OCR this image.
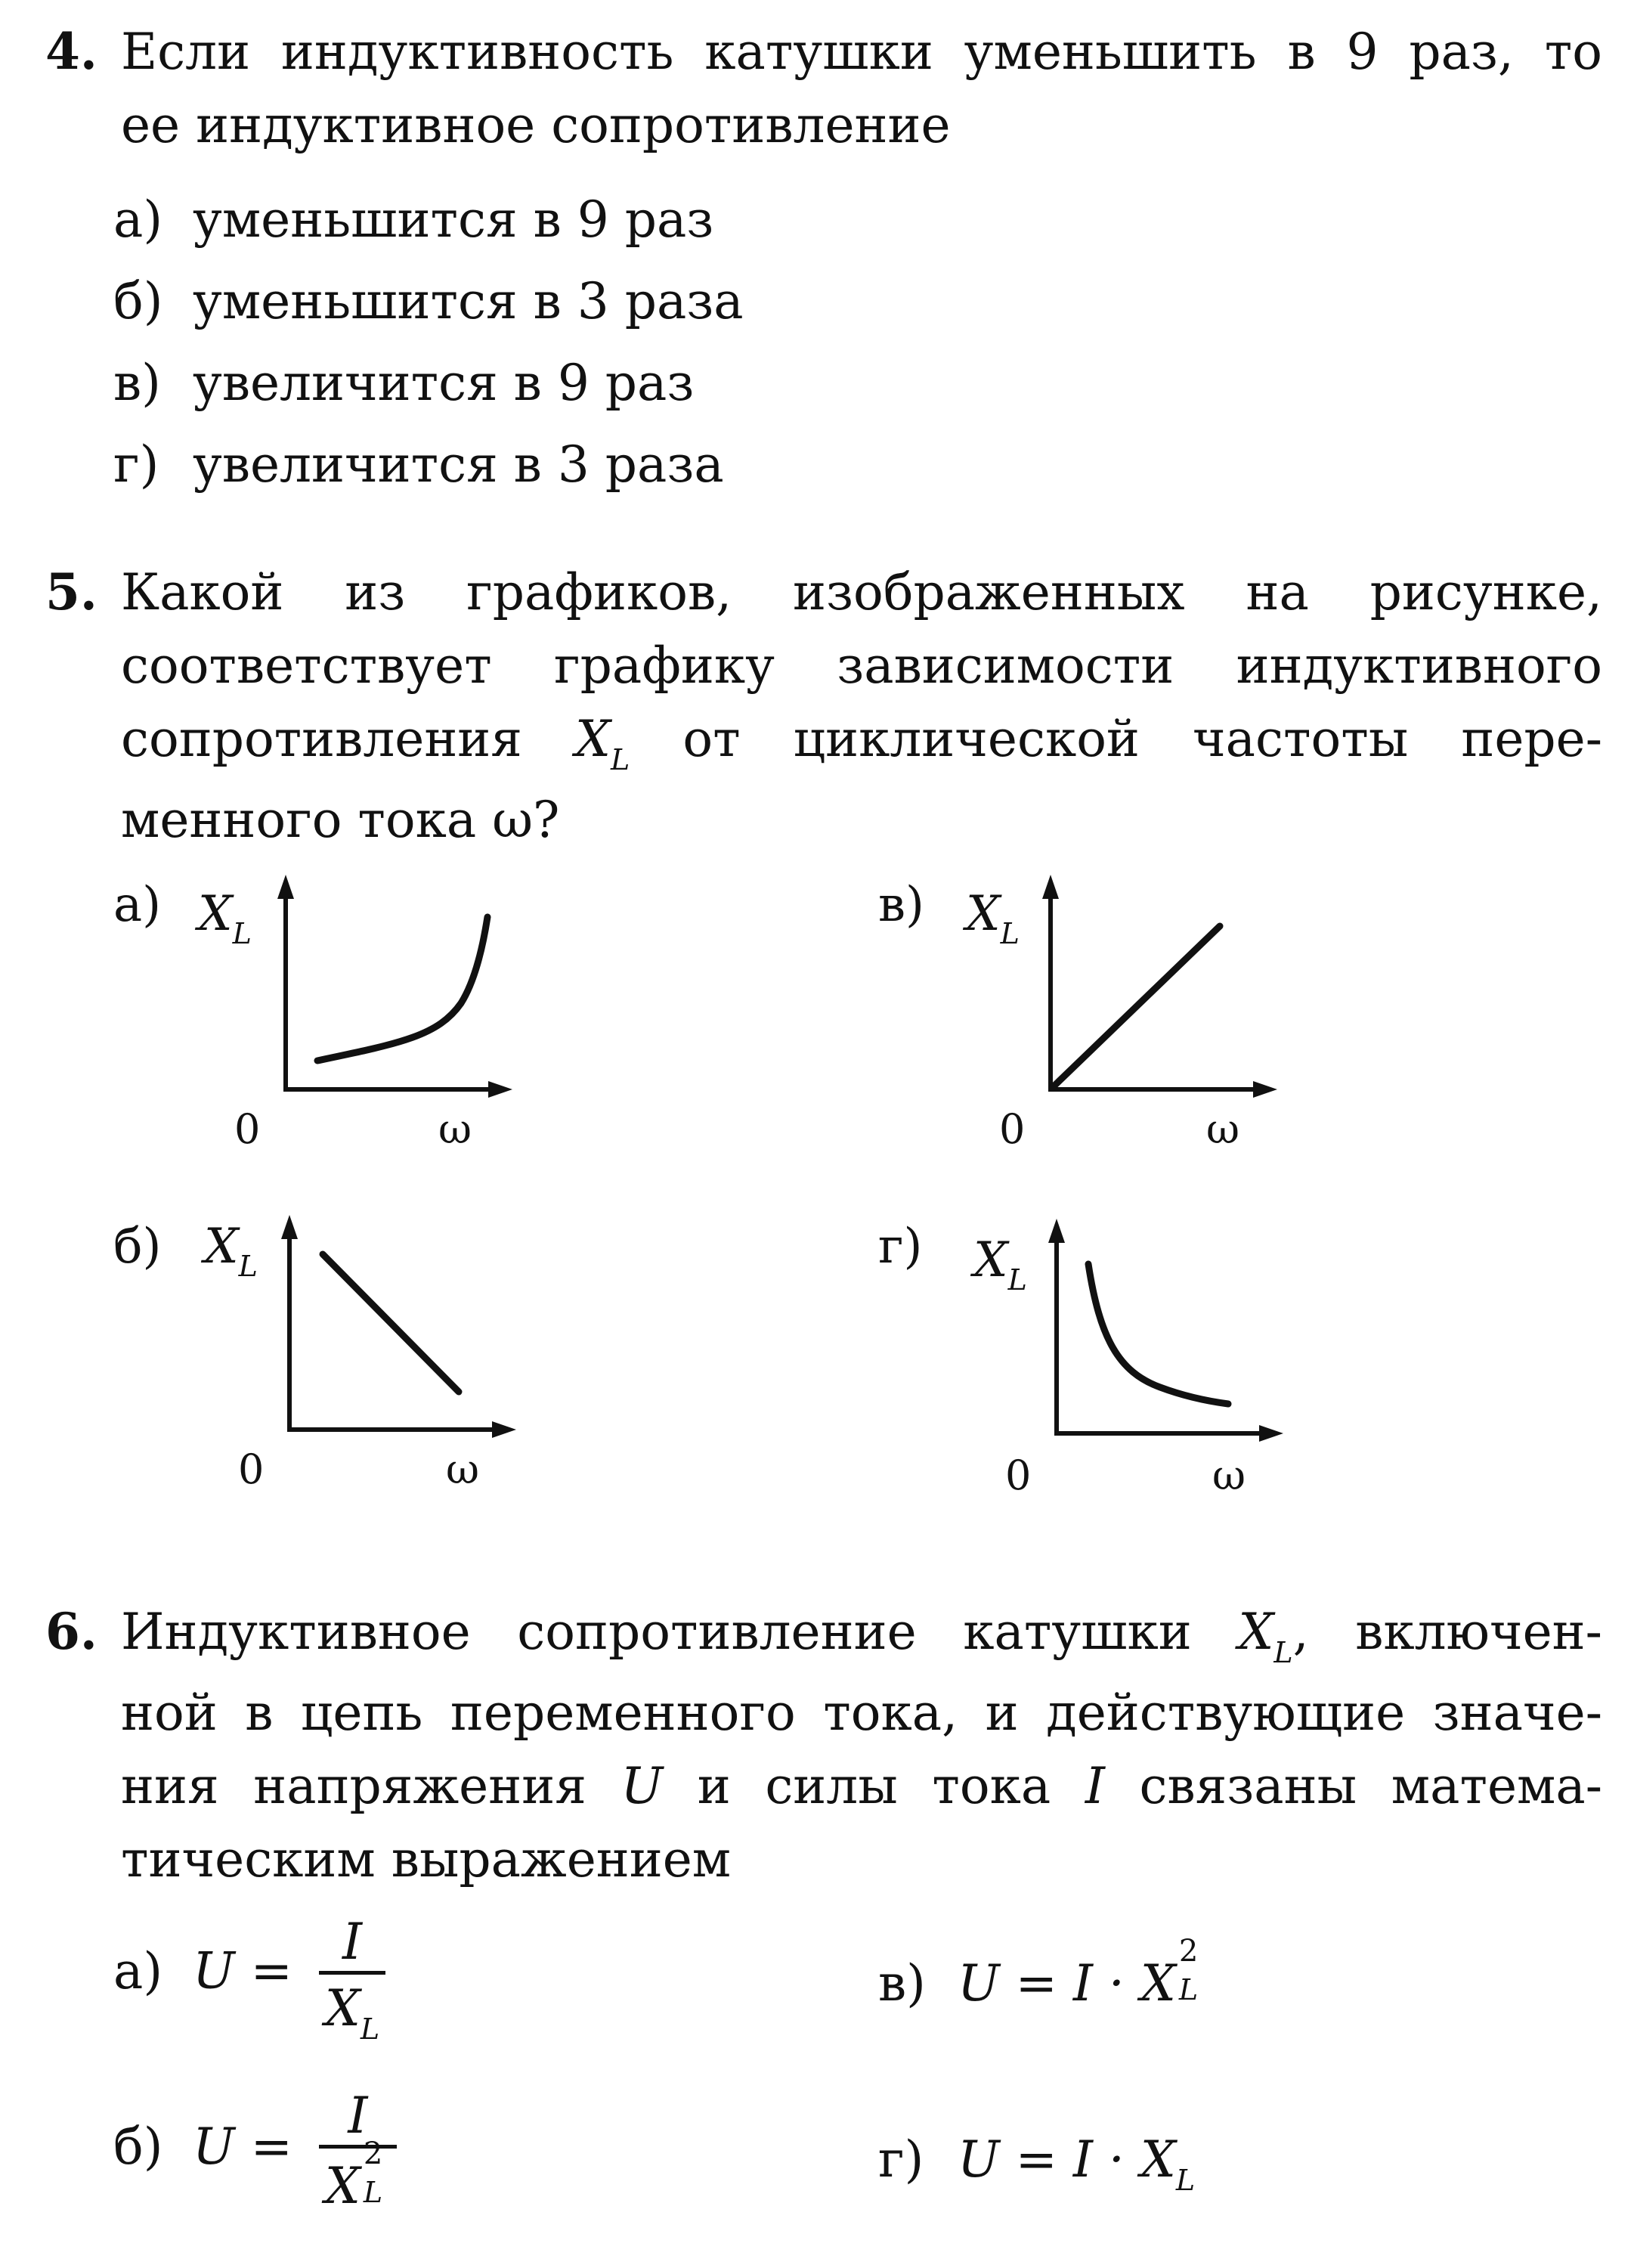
4. Если индуктивность катушки уменьшить в 9 раз, то
ее индуктивное сопротивление
а) уменьшится в 9 раз
б) уменьшится в 3 раза
в) увеличится в 9 раз
г) увеличится в 3 раза
5. Какой из графиков, изображенных на рисунке,
соответствует графику зависимости индуктивного
сопротивления $X_L$ от циклической частоты пере-
менного тока ω?
а) $X_L$
0	ω
б) $X_L$
0	ω
в) $X_L$
0	ω
г) $X_L$
0	ω
6. Индуктивное сопротивление катушки $X_L$, включен-
ной в цепь переменного тока, и действующие значе-
ния напряжения U и силы тока I связаны матема-
тическим выражением
а) $U = \frac{I}{X_L}$
б) U = I
X
2
L
в) U = I · X
2
L
г) $U = I \cdot X_L$
